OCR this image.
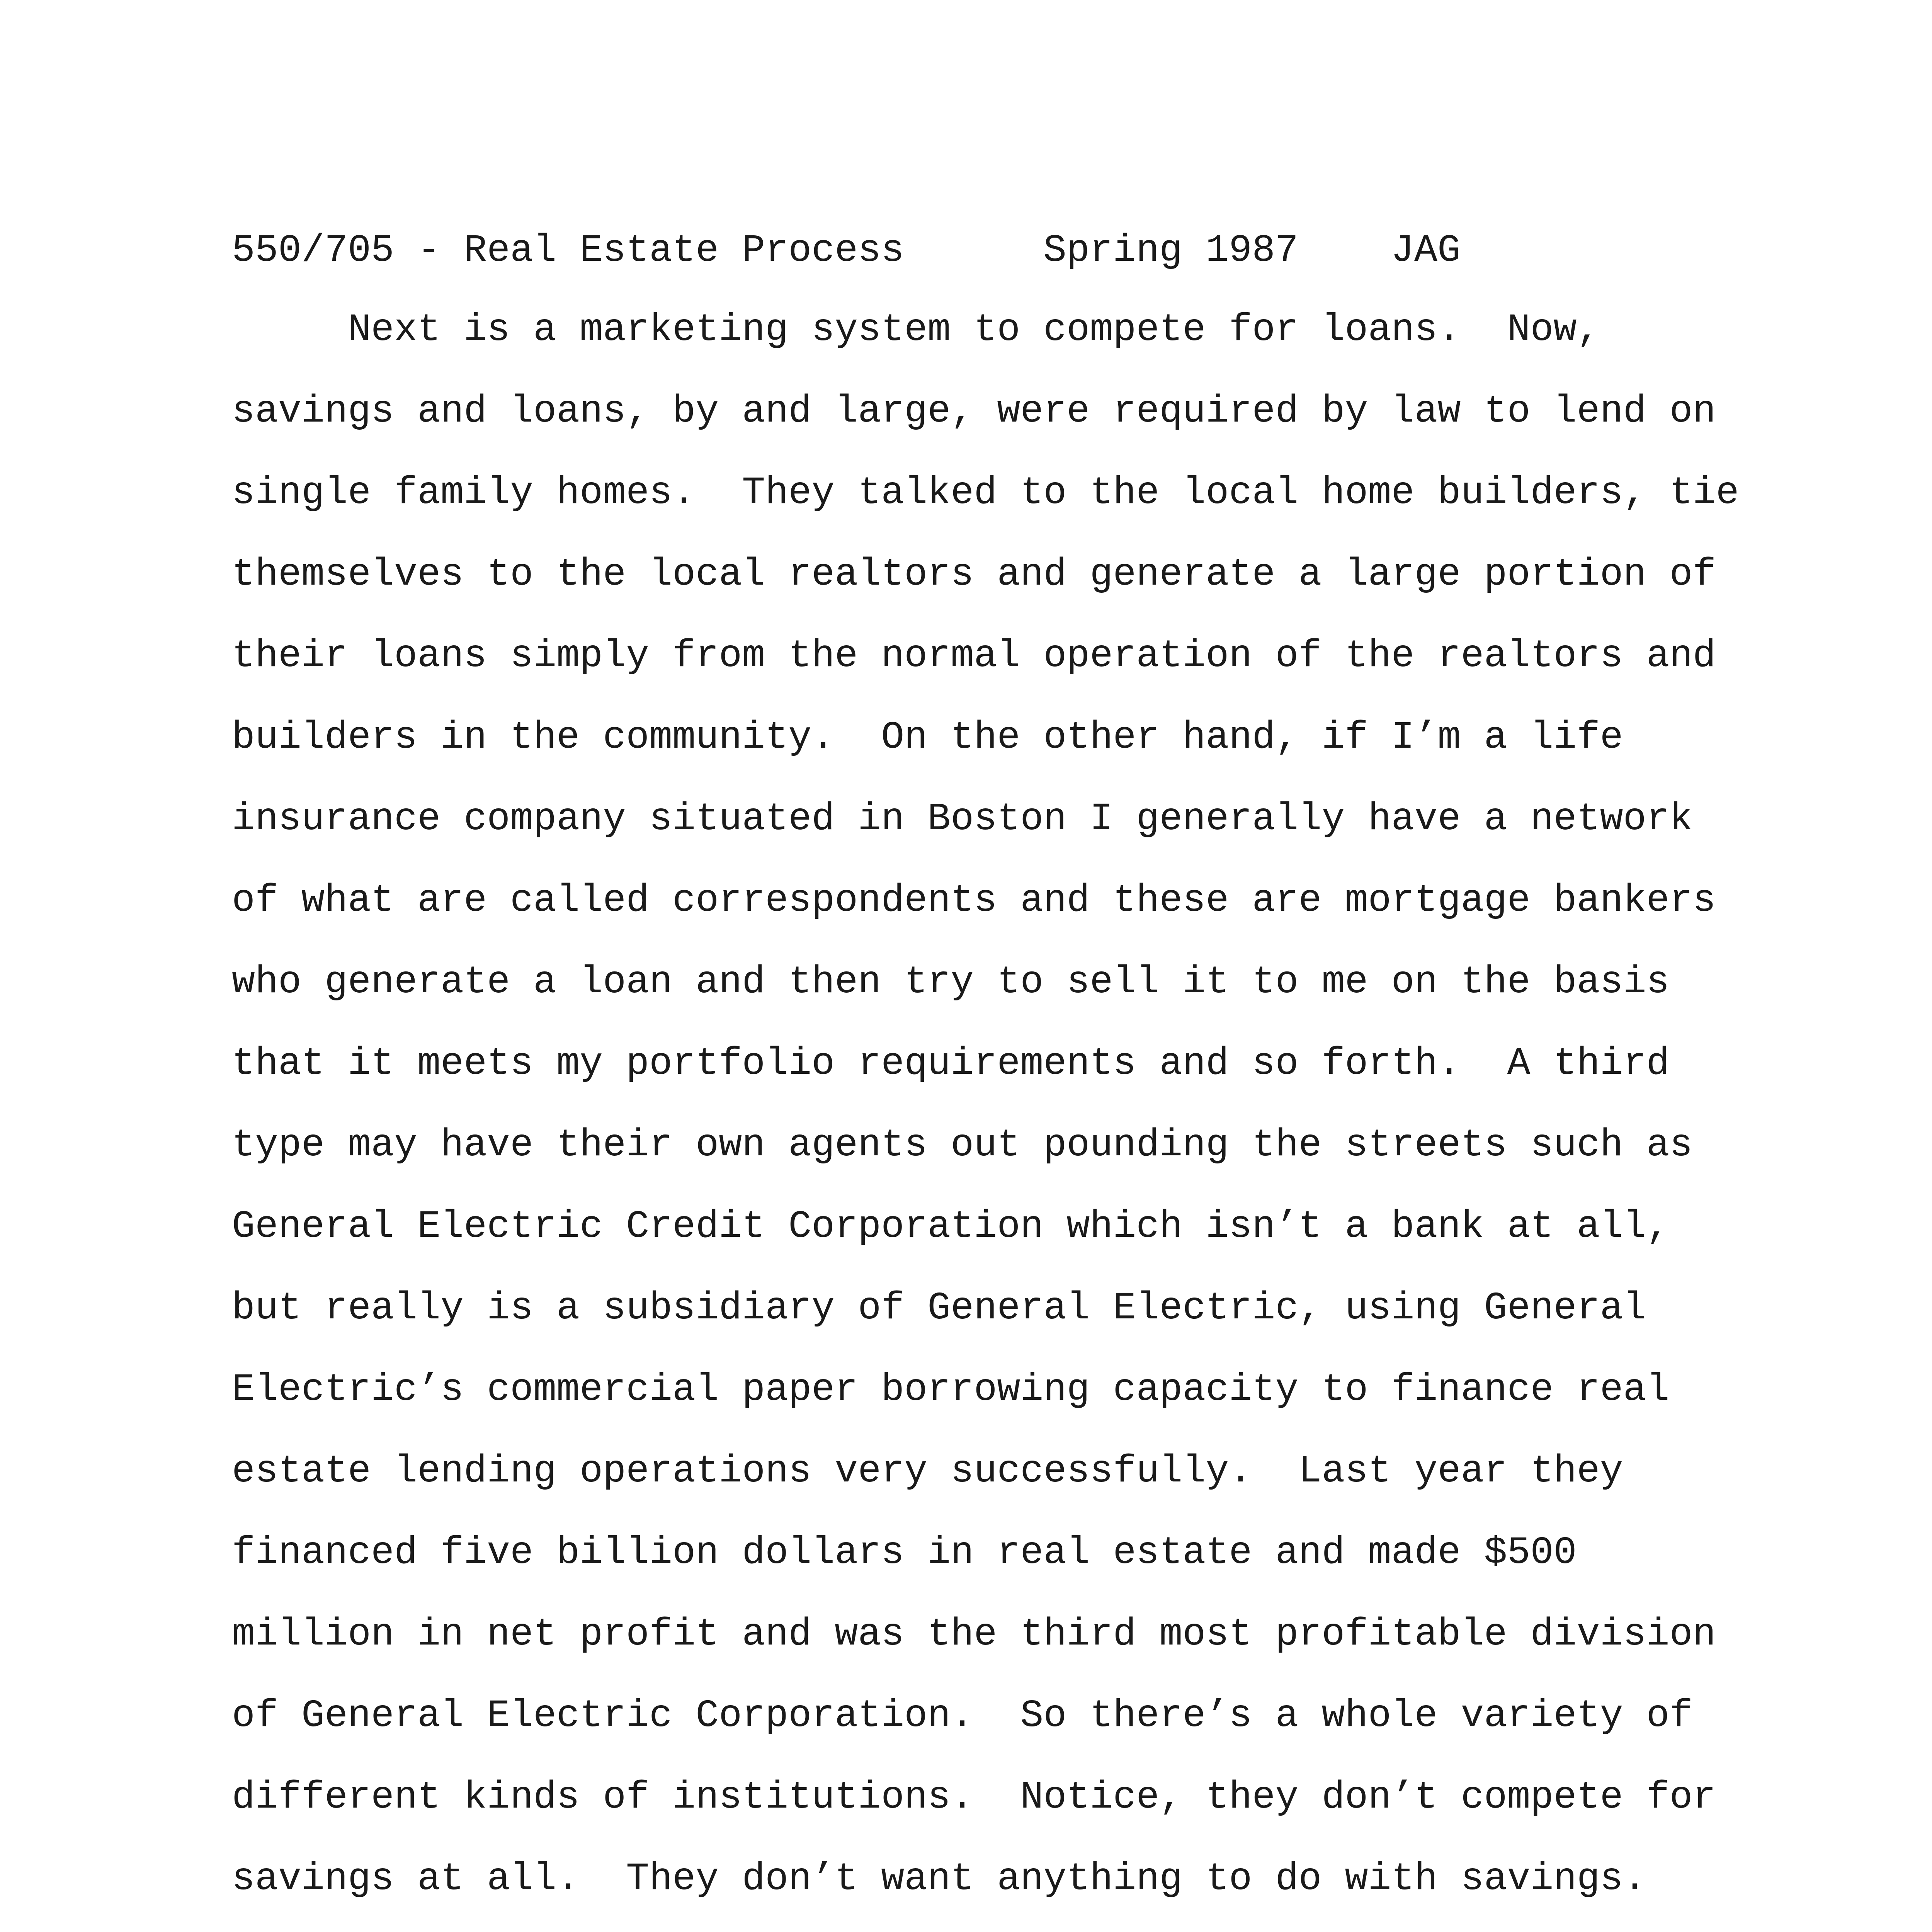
550/705 - Real Estate Process

	Spring 1987

JAG

Next is a marketing system to compete for loans.  Now,
savings and loans, by and large, were required by law to lend on
single family homes.  They talked to the local home builders, tie
themselves to the local realtors and generate a large portion of
their loans simply from the normal operation of the realtors and
builders in the community.  On the other hand, if I’m a life
insurance company situated in Boston I generally have a network
of what are called correspondents and these are mortgage bankers
who generate a loan and then try to sell it to me on the basis
that it meets my portfolio requirements and so forth.  A third
type may have their own agents out pounding the streets such as
General Electric Credit Corporation which isn’t a bank at all,
but really is a subsidiary of General Electric, using General
Electric’s commercial paper borrowing capacity to finance real
estate lending operations very successfully.  Last year they
financed five billion dollars in real estate and made $500
million in net profit and was the third most profitable division
of General Electric Corporation.  So there’s a whole variety of
different kinds of institutions.  Notice, they don’t compete for
savings at all.  They don’t want anything to do with savings.
